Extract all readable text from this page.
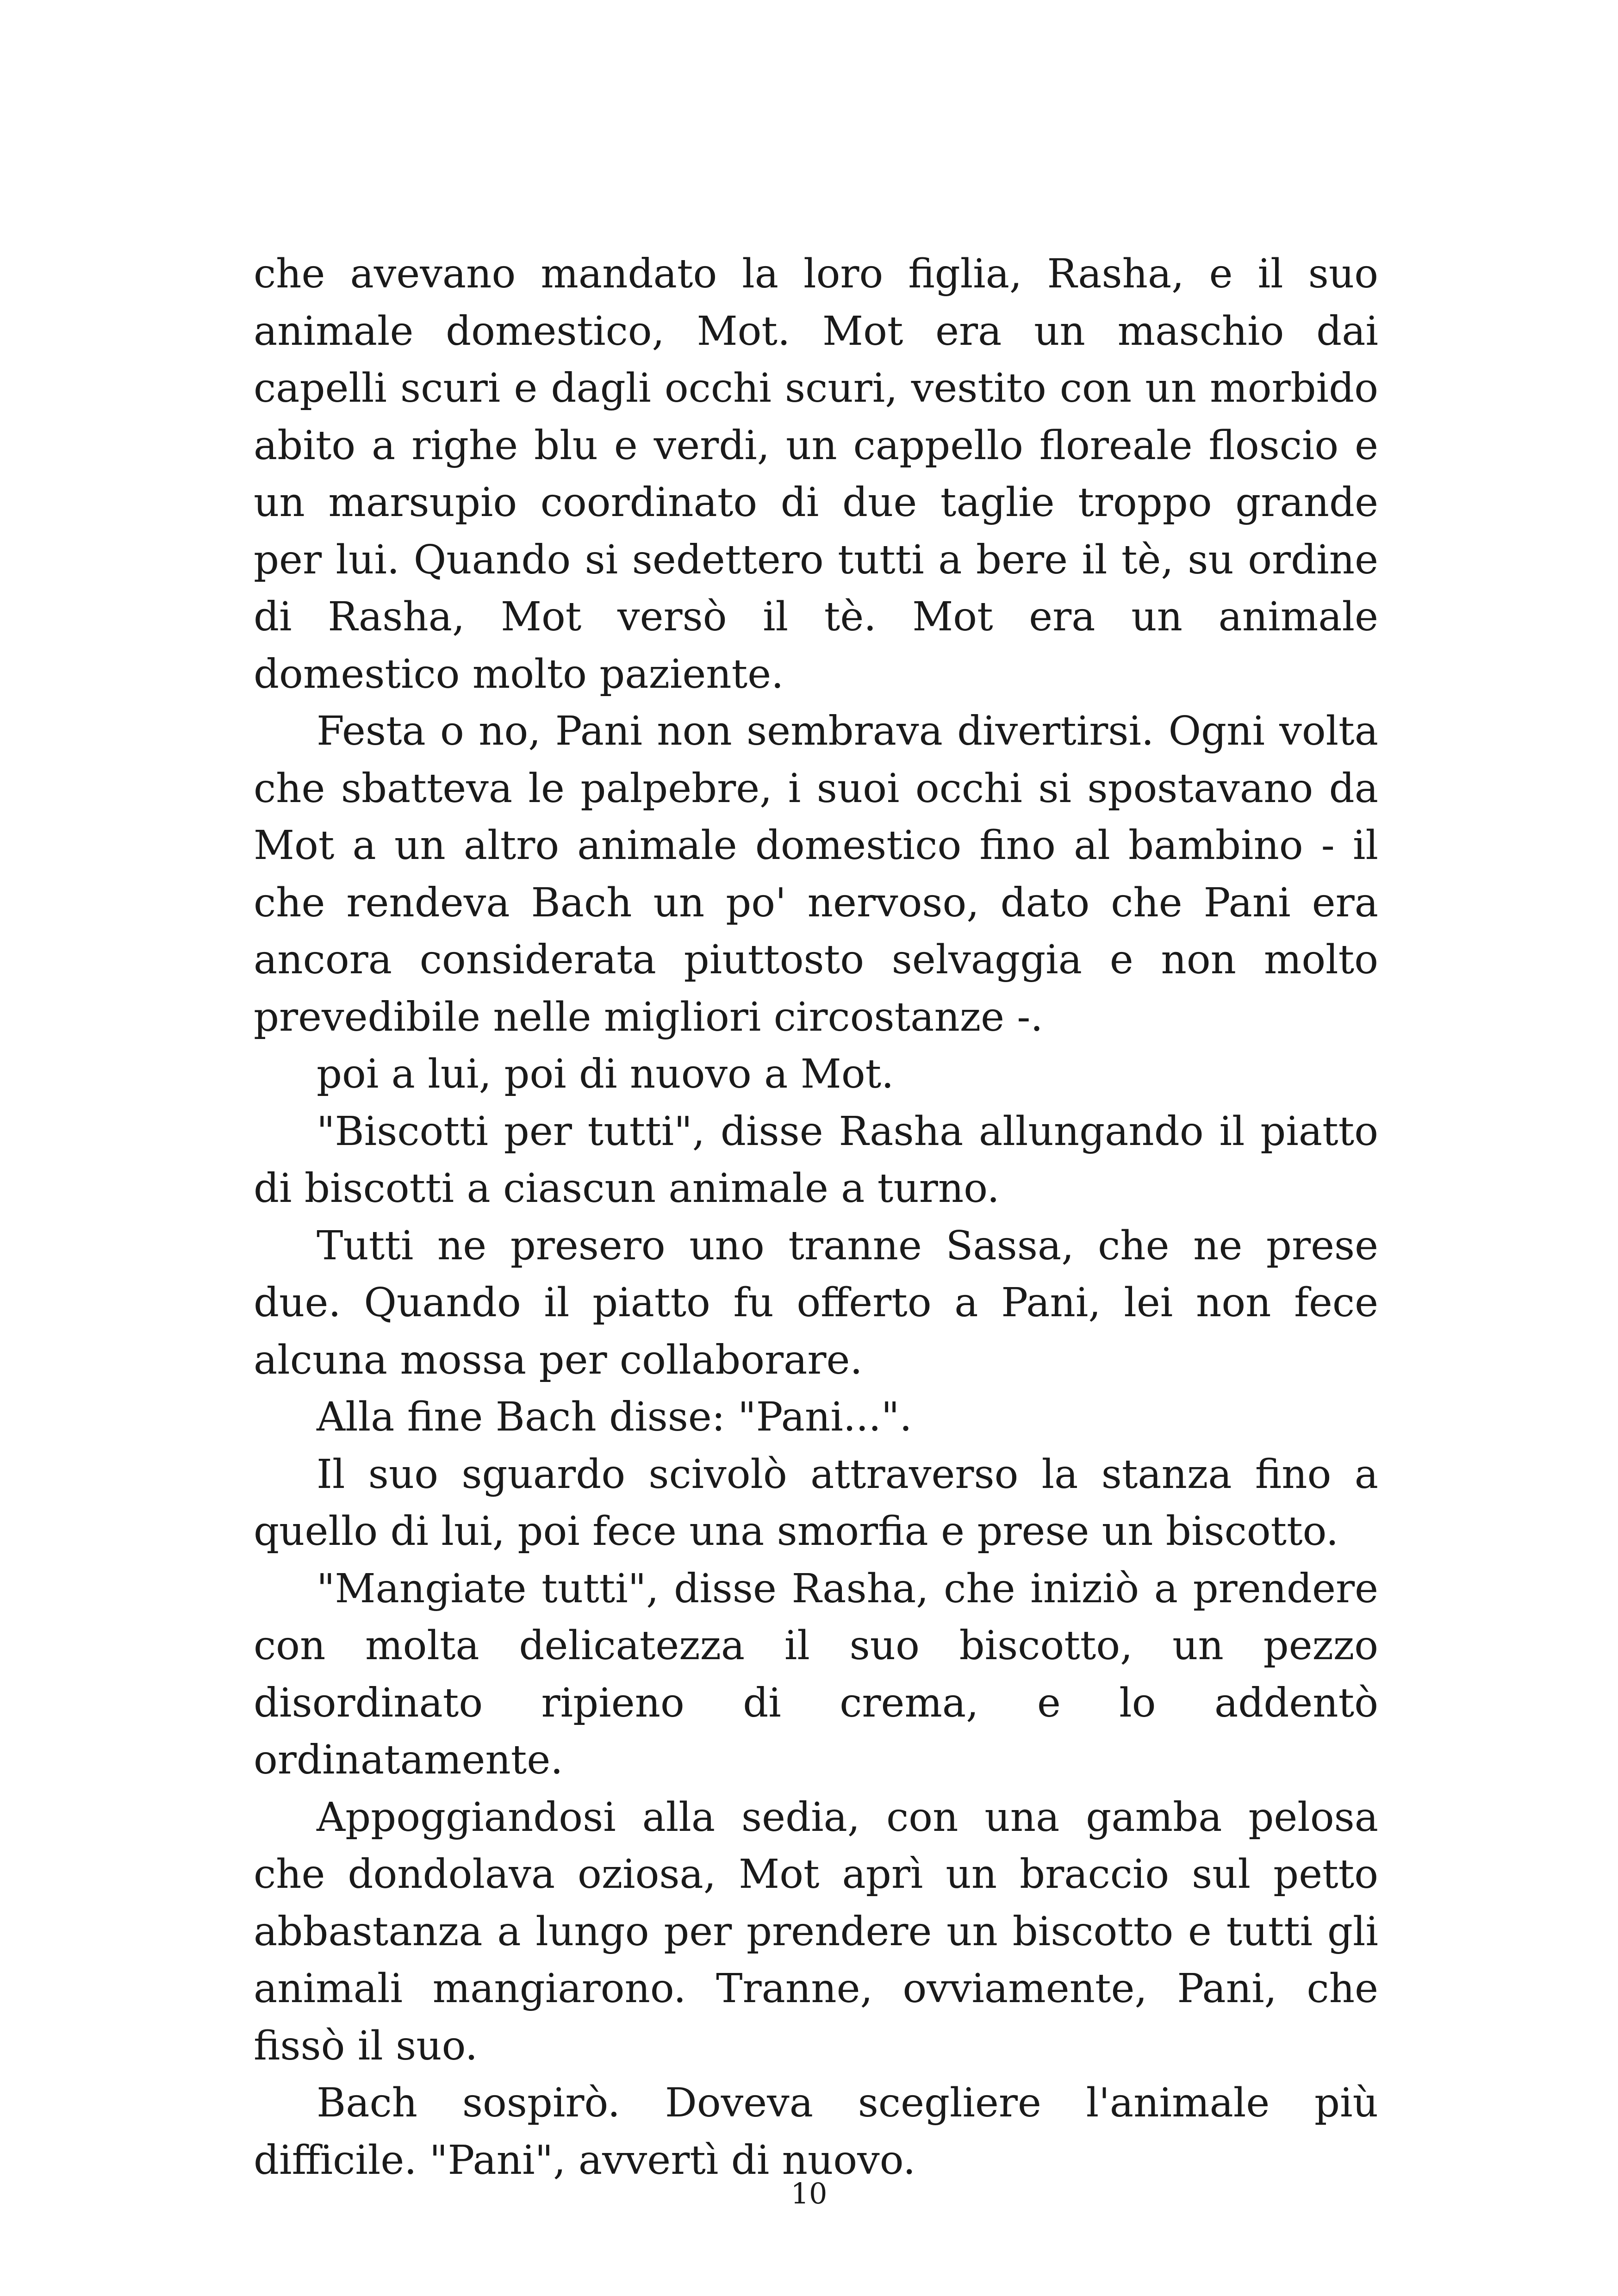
che avevano mandato la loro figlia, Rasha, e il suo animale domestico, Mot. Mot era un maschio dai capelli scuri e dagli occhi scuri, vestito con un morbido abito a righe blu e verdi, un cappello floreale floscio e un marsupio coordinato di due taglie troppo grande per lui. Quando si sedettero tutti a bere il tè, su ordine di Rasha, Mot versò il tè. Mot era un animale domestico molto paziente.

Festa o no, Pani non sembrava divertirsi. Ogni volta che sbatteva le palpebre, i suoi occhi si spostavano da Mot a un altro animale domestico fino al bambino - il che rendeva Bach un po' nervoso, dato che Pani era ancora considerata piuttosto selvaggia e non molto prevedibile nelle migliori circostanze -.

poi a lui, poi di nuovo a Mot.

"Biscotti per tutti", disse Rasha allungando il piatto di biscotti a ciascun animale a turno.

Tutti ne presero uno tranne Sassa, che ne prese due. Quando il piatto fu offerto a Pani, lei non fece alcuna mossa per collaborare.

Alla fine Bach disse: "Pani...".

Il suo sguardo scivolò attraverso la stanza fino a quello di lui, poi fece una smorfia e prese un biscotto.

"Mangiate tutti", disse Rasha, che iniziò a prendere con molta delicatezza il suo biscotto, un pezzo disordinato ripieno di crema, e lo addentò ordinatamente.

Appoggiandosi alla sedia, con una gamba pelosa che dondolava oziosa, Mot aprì un braccio sul petto abbastanza a lungo per prendere un biscotto e tutti gli animali mangiarono. Tranne, ovviamente, Pani, che fissò il suo.

Bach sospirò. Doveva scegliere l'animale più difficile. "Pani", avvertì di nuovo.

10
